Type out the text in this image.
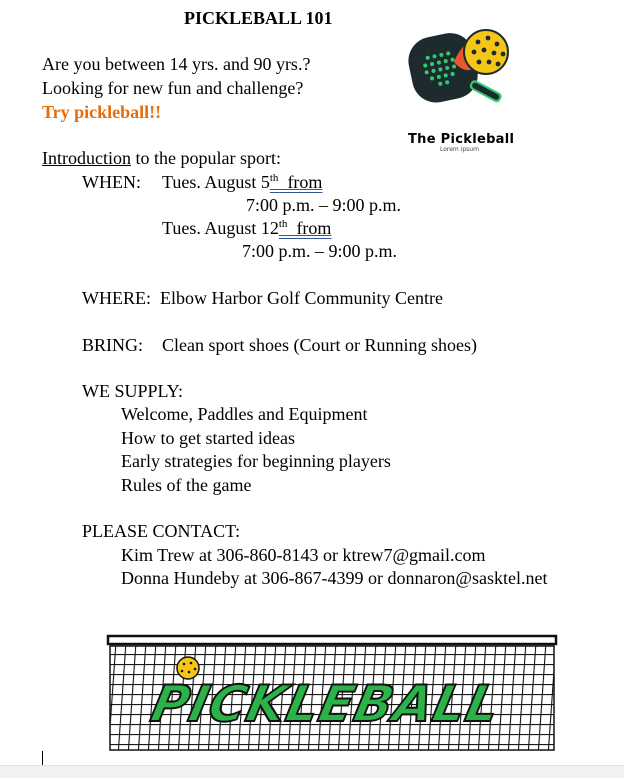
PICKLEBALL 101
Are you between 14 yrs. and 90 yrs.?
Looking for new fun and challenge?
Try pickleball!!
The Pickleball
Lorem ipsum
Introduction to the popular sport:
WHEN: Tues. August 5th from
7:00 p.m. – 9:00 p.m.
Tues. August 12th from
7:00 p.m. – 9:00 p.m.
WHERE: Elbow Harbor Golf Community Centre
BRING: Clean sport shoes (Court or Running shoes)
WE SUPPLY:
Welcome, Paddles and Equipment
How to get started ideas
Early strategies for beginning players
Rules of the game
PLEASE CONTACT:
Kim Trew at 306-860-8143 or ktrew7@gmail.com
Donna Hundeby at 306-867-4399 or donnaron@sasktel.net
PICKLEBALL
